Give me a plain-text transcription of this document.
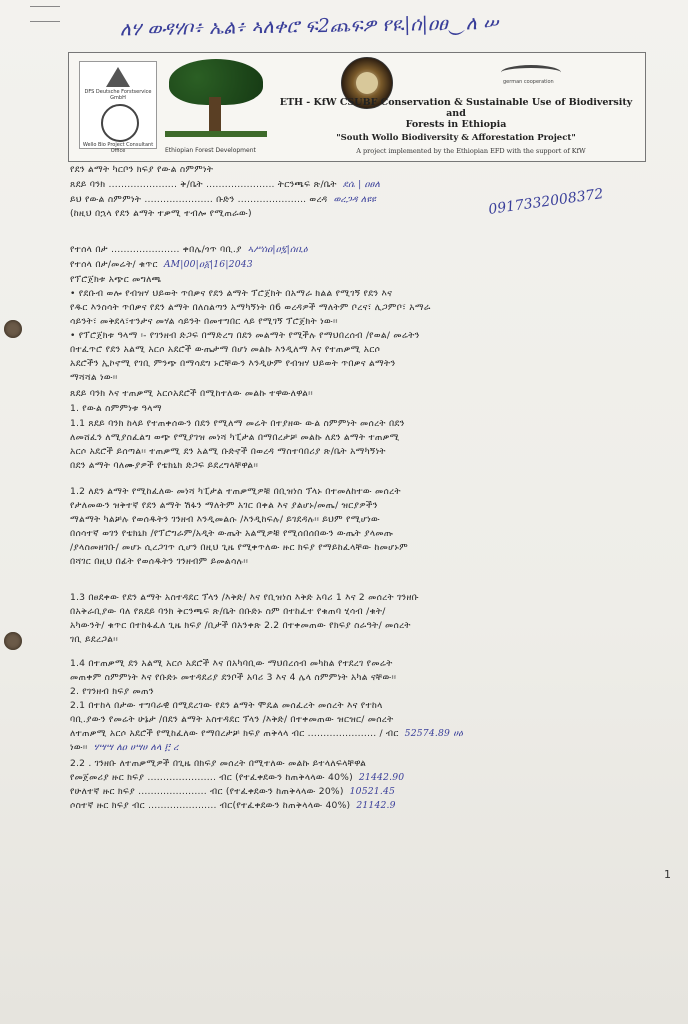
ለሃ ወዳሃቦ፥ ኤል፥ ኣለቀሮ ፍ2ጨፍዎ የዪ|ሰ|ዐፀ‿ለ ሠ
DFS Deutsche Forstservice GmbH
Wello Bio Project Consultant Office	Ethiopian Forest Development
german cooperation
ETH - KfW CSUBF Conservation & Sustainable Use of Biodiversity and
Forests in Ethiopia
"South Wollo Biodiversity & Afforestation Project"
A project implemented by the Ethiopian EFD with the support of KfW
0917332008372
የደን ልማት ካርቦን ክፍያ የውል ስምምነት
ጸደይ ባንክ ...................... ቅ/ቤት ...................... ትርንጫፍ ጽ/ቤት ደሴ | ዐፀለ
ይህ የውል ስምምነት ...................... ቡድን ...................... ወረዳ ወረጋዳ ለዩዩ
(ከዚህ በኋላ የደን ልማት ተቃሚ ተብሎ የሚጠራው)
የተሰላ በታ ...................... ቀበሌ/ጎጥ ባቢ.ያ ኣሥሰዐ|ዐ፯|ሰቢዕ
የተሰላ በታ/መሬት/ ቁጥር AM|00|ዐ፩|16|2043
የፕሮጀክቱ አጭር መግለጫ
• የደቡብ ወሎ የብዝሃ ህይወት ጥበቃና የደን ልማት ፕሮጀክት በአማራ ክልል የሚገኝ የደን እና
የዱር እንስሳት ጥበቃና የደን ልማት በለስልጣን አማካኝነት በ6 ወረዳዎች ማለትም ቦረና፣ ሊጋምቦ፣ አማራ
ሳይንት፣ መቅደላ፣ተንታና መሃል ሳይንት በመተግበር ላይ የሚገኝ ፕሮጀክት ነው፡፡
• የፕሮጀክቱ ዓላማ ፡- የገንዘብ ድጋፍ በማድረግ በደን መልማት የሚችሉ የማህበረሰብ /የወል/ መሬትን
በተፈጥሮ የደን አልሚ አርሶ አደሮች ውጤታማ በሆነ መልኩ እንዲለማ እና የተጠቃሚ አርሶ
አደሮችን ኢኮኖሚ የገቢ ምንጭ በማሳደግ ኑሮቸውን እንዲሁም የብዝሃ ህይወት ጥበቃና ልማትን
ማሻሻል ነው፡፡
ጸደይ ባንክ እና ተጠቃሚ አርሶአደሮች በሚከተለው መልኩ ተዋውለዋል፡፡
1. የውል ስምምነቱ ዓላማ
1.1 ጸደይ ባንክ ከላይ የተጠቀሰውን በደን የሚለማ መሬት በተያዘው ውል ስምምነት መሰረት በደን
ለመሸፈን ለሚያስፈልግ ወጭ የሚያገዝ መነሻ ካፒታል በማበረታቻ መልኩ ለደን ልማት ተጠቃሚ
አርሶ አደሮች ይሰጣል፡፡ ተጠቃሚ ደን አልሚ ቡድኖች በወረዳ ማስተባበሪያ ጽ/ቤት አማካኝነት
በደን ልማት ባለሙያዎች የቴክኒክ ድጋፍ ይደረግላቸዋል፡፡
1.2 ለደን ልማት የሚከፈለው መነሻ ካፒታል ተጠቃሚዎቹ በቢዝነስ ፕላኑ በተመለከተው መሰረት
የታለመውን ዝቅተኛ የደን ልማት ሽፋን ማለትም አገር በቀል እና ያልሆኑ/መጤ/ ዝርያዎችን
ማልማት ካልቻሉ የወሰዱትን ገንዘብ እንዲመልሱ /እንዲከፍሉ/ ይገደዳሉ፡፡ ይህም የሚሆነው
በሰሳተኛ ወገን የቴክኒክ /የፕሮግራም/አዲት ውጤት አልሚዎቹ የሚሰበሰበውን ውጤት ያላመጡ
/ያላስመዘገቡ/ መሆኑ ሲረጋገጥ ሲሆን በዚህ ጊዜ የሚቀጥለው ዙር ክፍያ የማይከፈላቸው ከመሆኑም
በሻገር በዚህ በፊት የወሰዱትን ገንዘብም ይመልሳሉ፡፡
1.3 በፀደቀው የደን ልማት አስተዳደር ፕላን /እቅድ/ እና የቢዝነስ እቅድ አባሪ 1 እና 2 መሰረት ገንዘቡ
በአቅራቢያው ባለ የጸደይ ባንክ ቅርንጫፍ ጽ/ቤት በቡድኑ ስም በተከፈተ የቁጠባ ሂሳብ /ቁት/
አካውንት/ ቁጥር በተከፋፈለ ጊዜ ክፍያ /ቢታች በአንቀጽ 2.2 በተቀመጠው የክፍያ ስራዓት/ መሰረት
ገቢ ይደረጋል፡፡
1.4 በተጠቃሚ ደን አልሚ አርሶ አደሮች እና በአካባቢው ማህበረሰብ መካከል የተደረገ የመሬት
መጠቀም ስምምነት እና የቡድኑ መተዳደሪያ ደንቦች አባሪ 3 እና 4 ሌላ ስምምነት አካል ናቸው፡፡
2. የገንዘብ ክፍያ መጠን
2.1 በተከላ በታው ተግባራዊ በሚደረገው የደን ልማት ሞዴል መሰፈረት መሰረት እና የተከላ
ባቢ.ያውን የመሬት ሁኔታ /በደን ልማት አስተዳደር ፕላን /እቅድ/ በተቀመጠው ዝርዝር/ መሰረት
ለተጠቃሚ አርሶ አደሮች የሚከፈለው የማበረታቻ ክፍያ ጠቅላላ ብር ...................... / ብር 52574.89 ሀዕ
ነው፡፡ ሃሣሣ ለዐ ሀሣሀ ለላ ፫ ረ
2.2 . ገንዘቡ ለተጠቃሚዎች በጊዜ በክፍያ መሰረት በሚተለው መልኩ ይተላለፍላቸዋል
የመጀመሪያ ዙር ክፍያ ...................... ብር (የተፈቀደውን ከጠቅላላው 40%) 21442.90
የሁለተኛ ዙር ክፍያ ...................... ብር (የተፈቀደውን ከጠቅላላው 20%) 10521.45
ሶስተኛ ዙር ክፍያ ብር ...................... ብር(የተፈቀደውን ከጠቅላላው 40%) 21142.9
1
